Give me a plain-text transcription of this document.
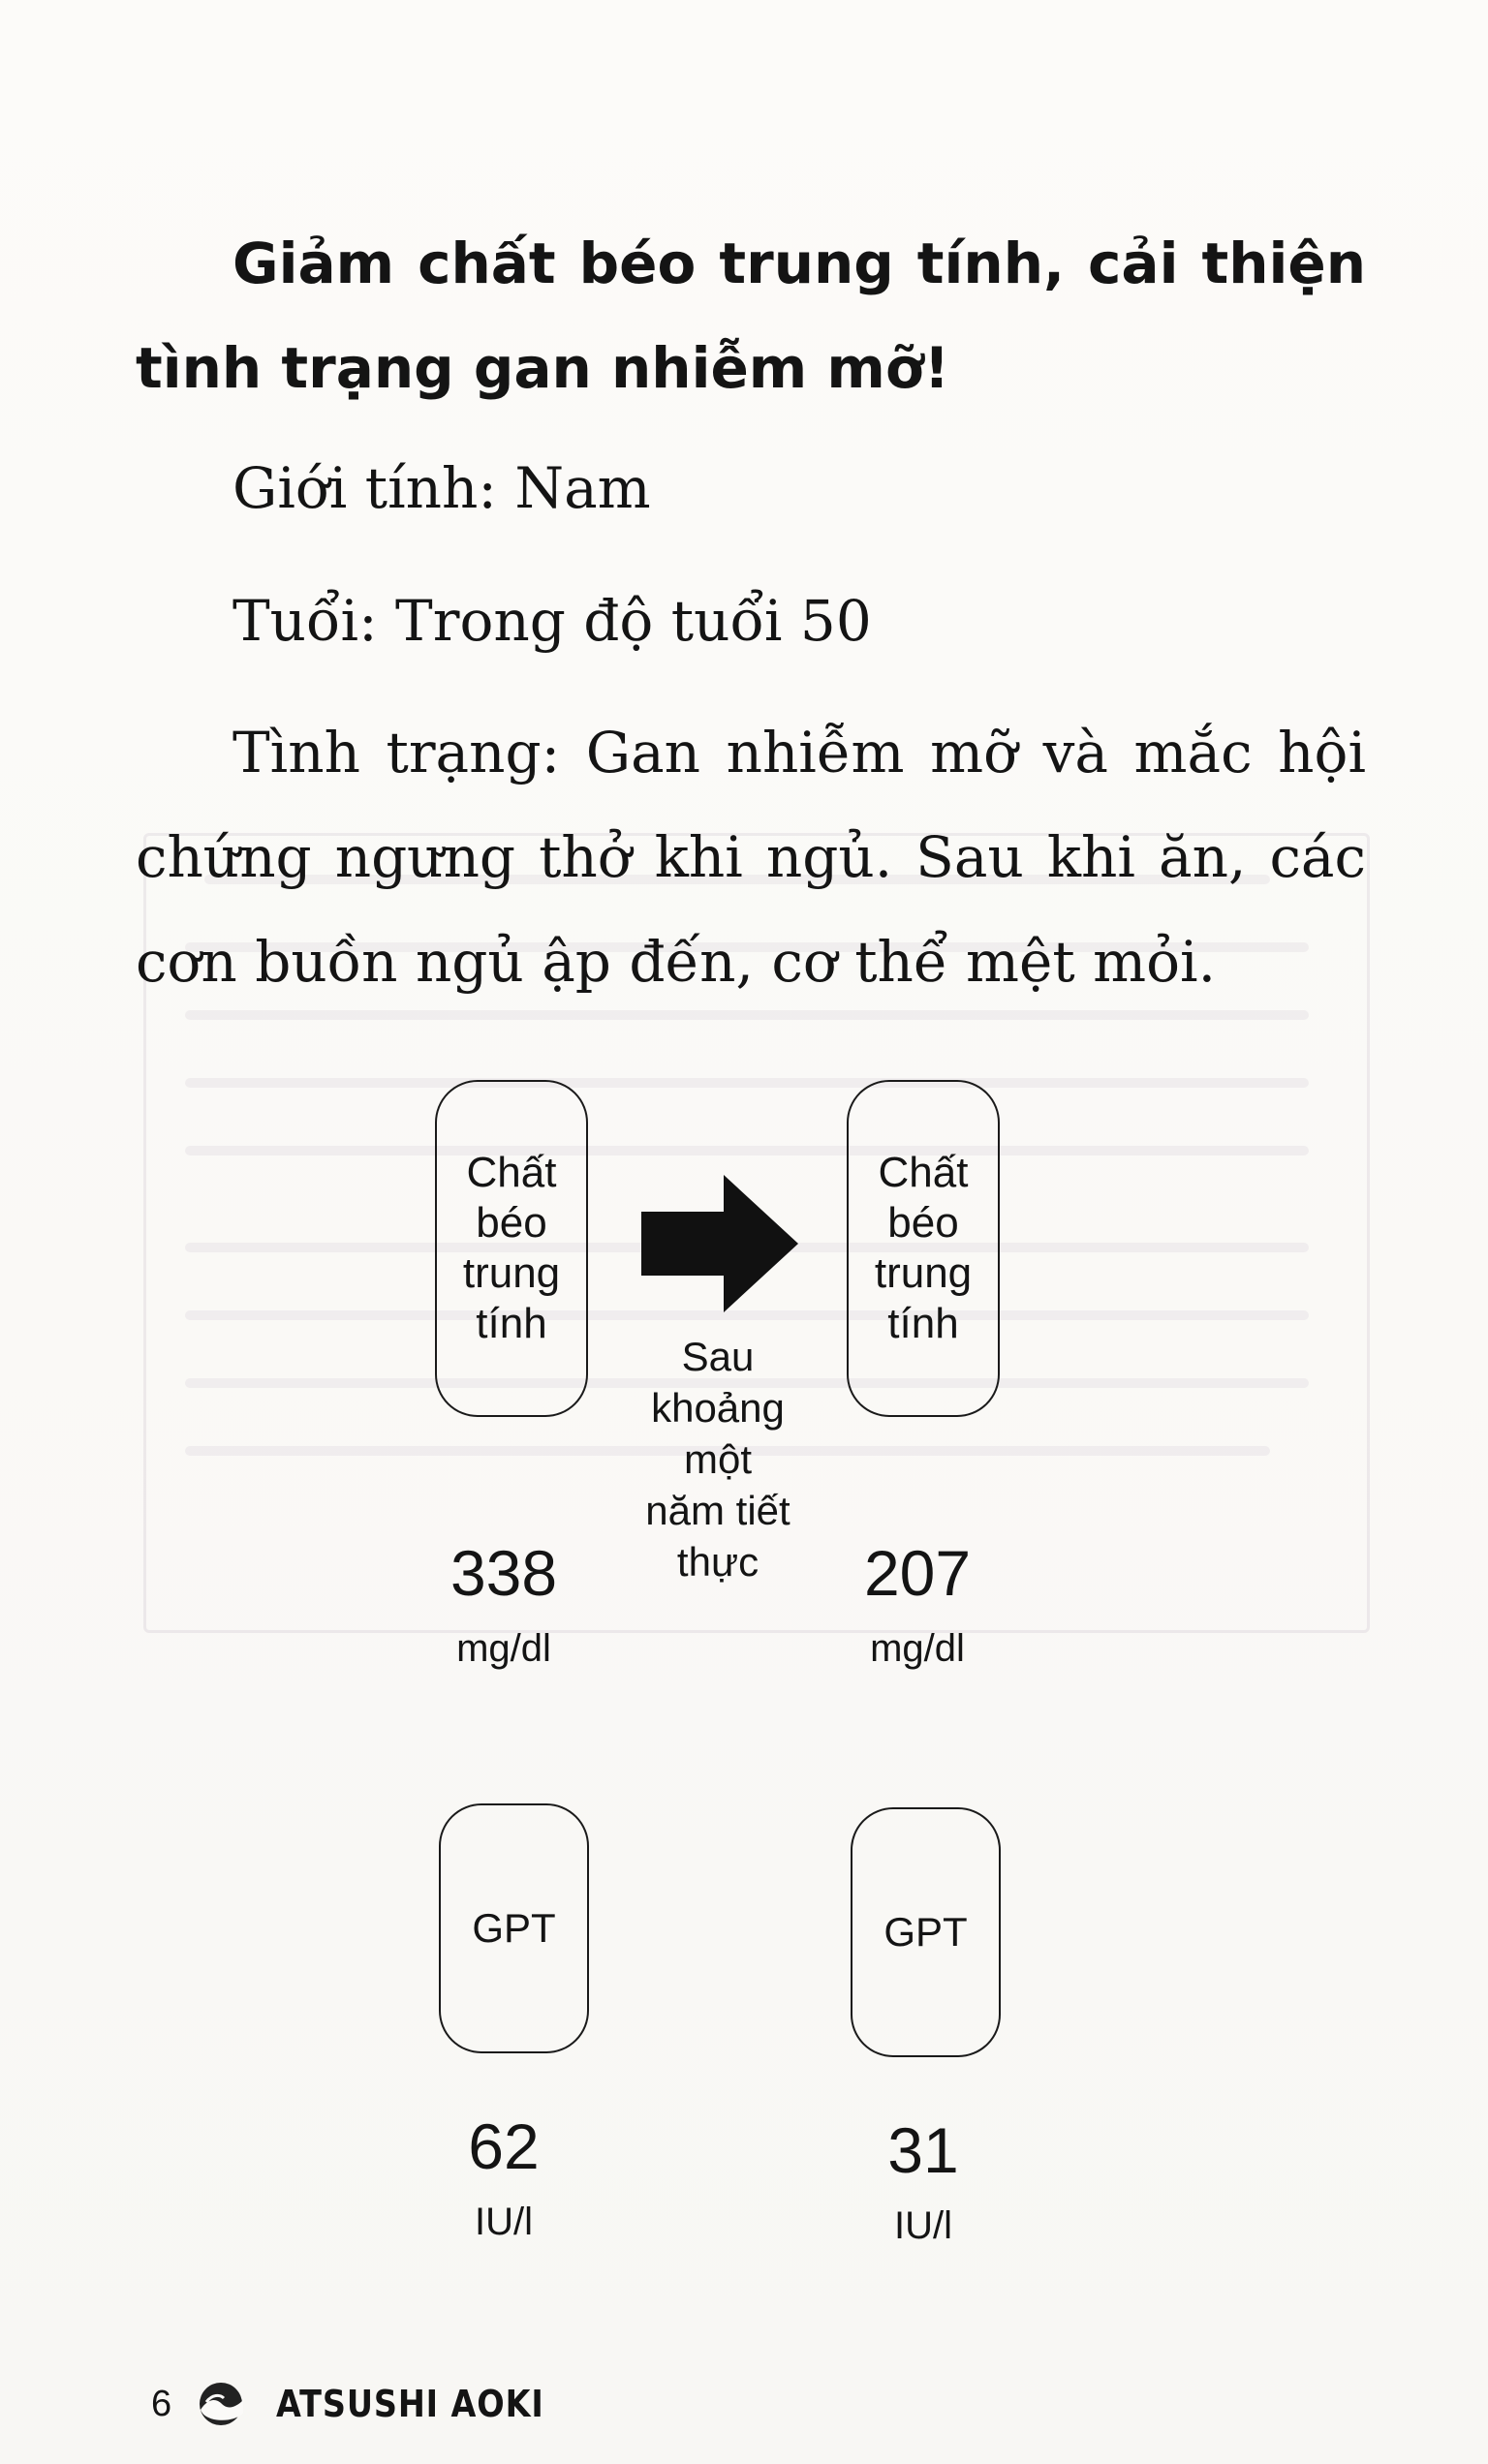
Giảm chất béo trung tính, cải thiện tình trạng gan nhiễm mỡ!

Giới tính: Nam

Tuổi: Trong độ tuổi 50

Tình trạng: Gan nhiễm mỡ và mắc hội chứng ngưng thở khi ngủ. Sau khi ăn, các cơn buồn ngủ ập đến, cơ thể mệt mỏi.

Chất béo trung tính
Chất béo trung tính
Sau khoảng một năm tiết thực
338
mg/dl
207
mg/dl
GPT	GPT
62
IU/l
31
IU/l
6	ATSUSHI AOKI
